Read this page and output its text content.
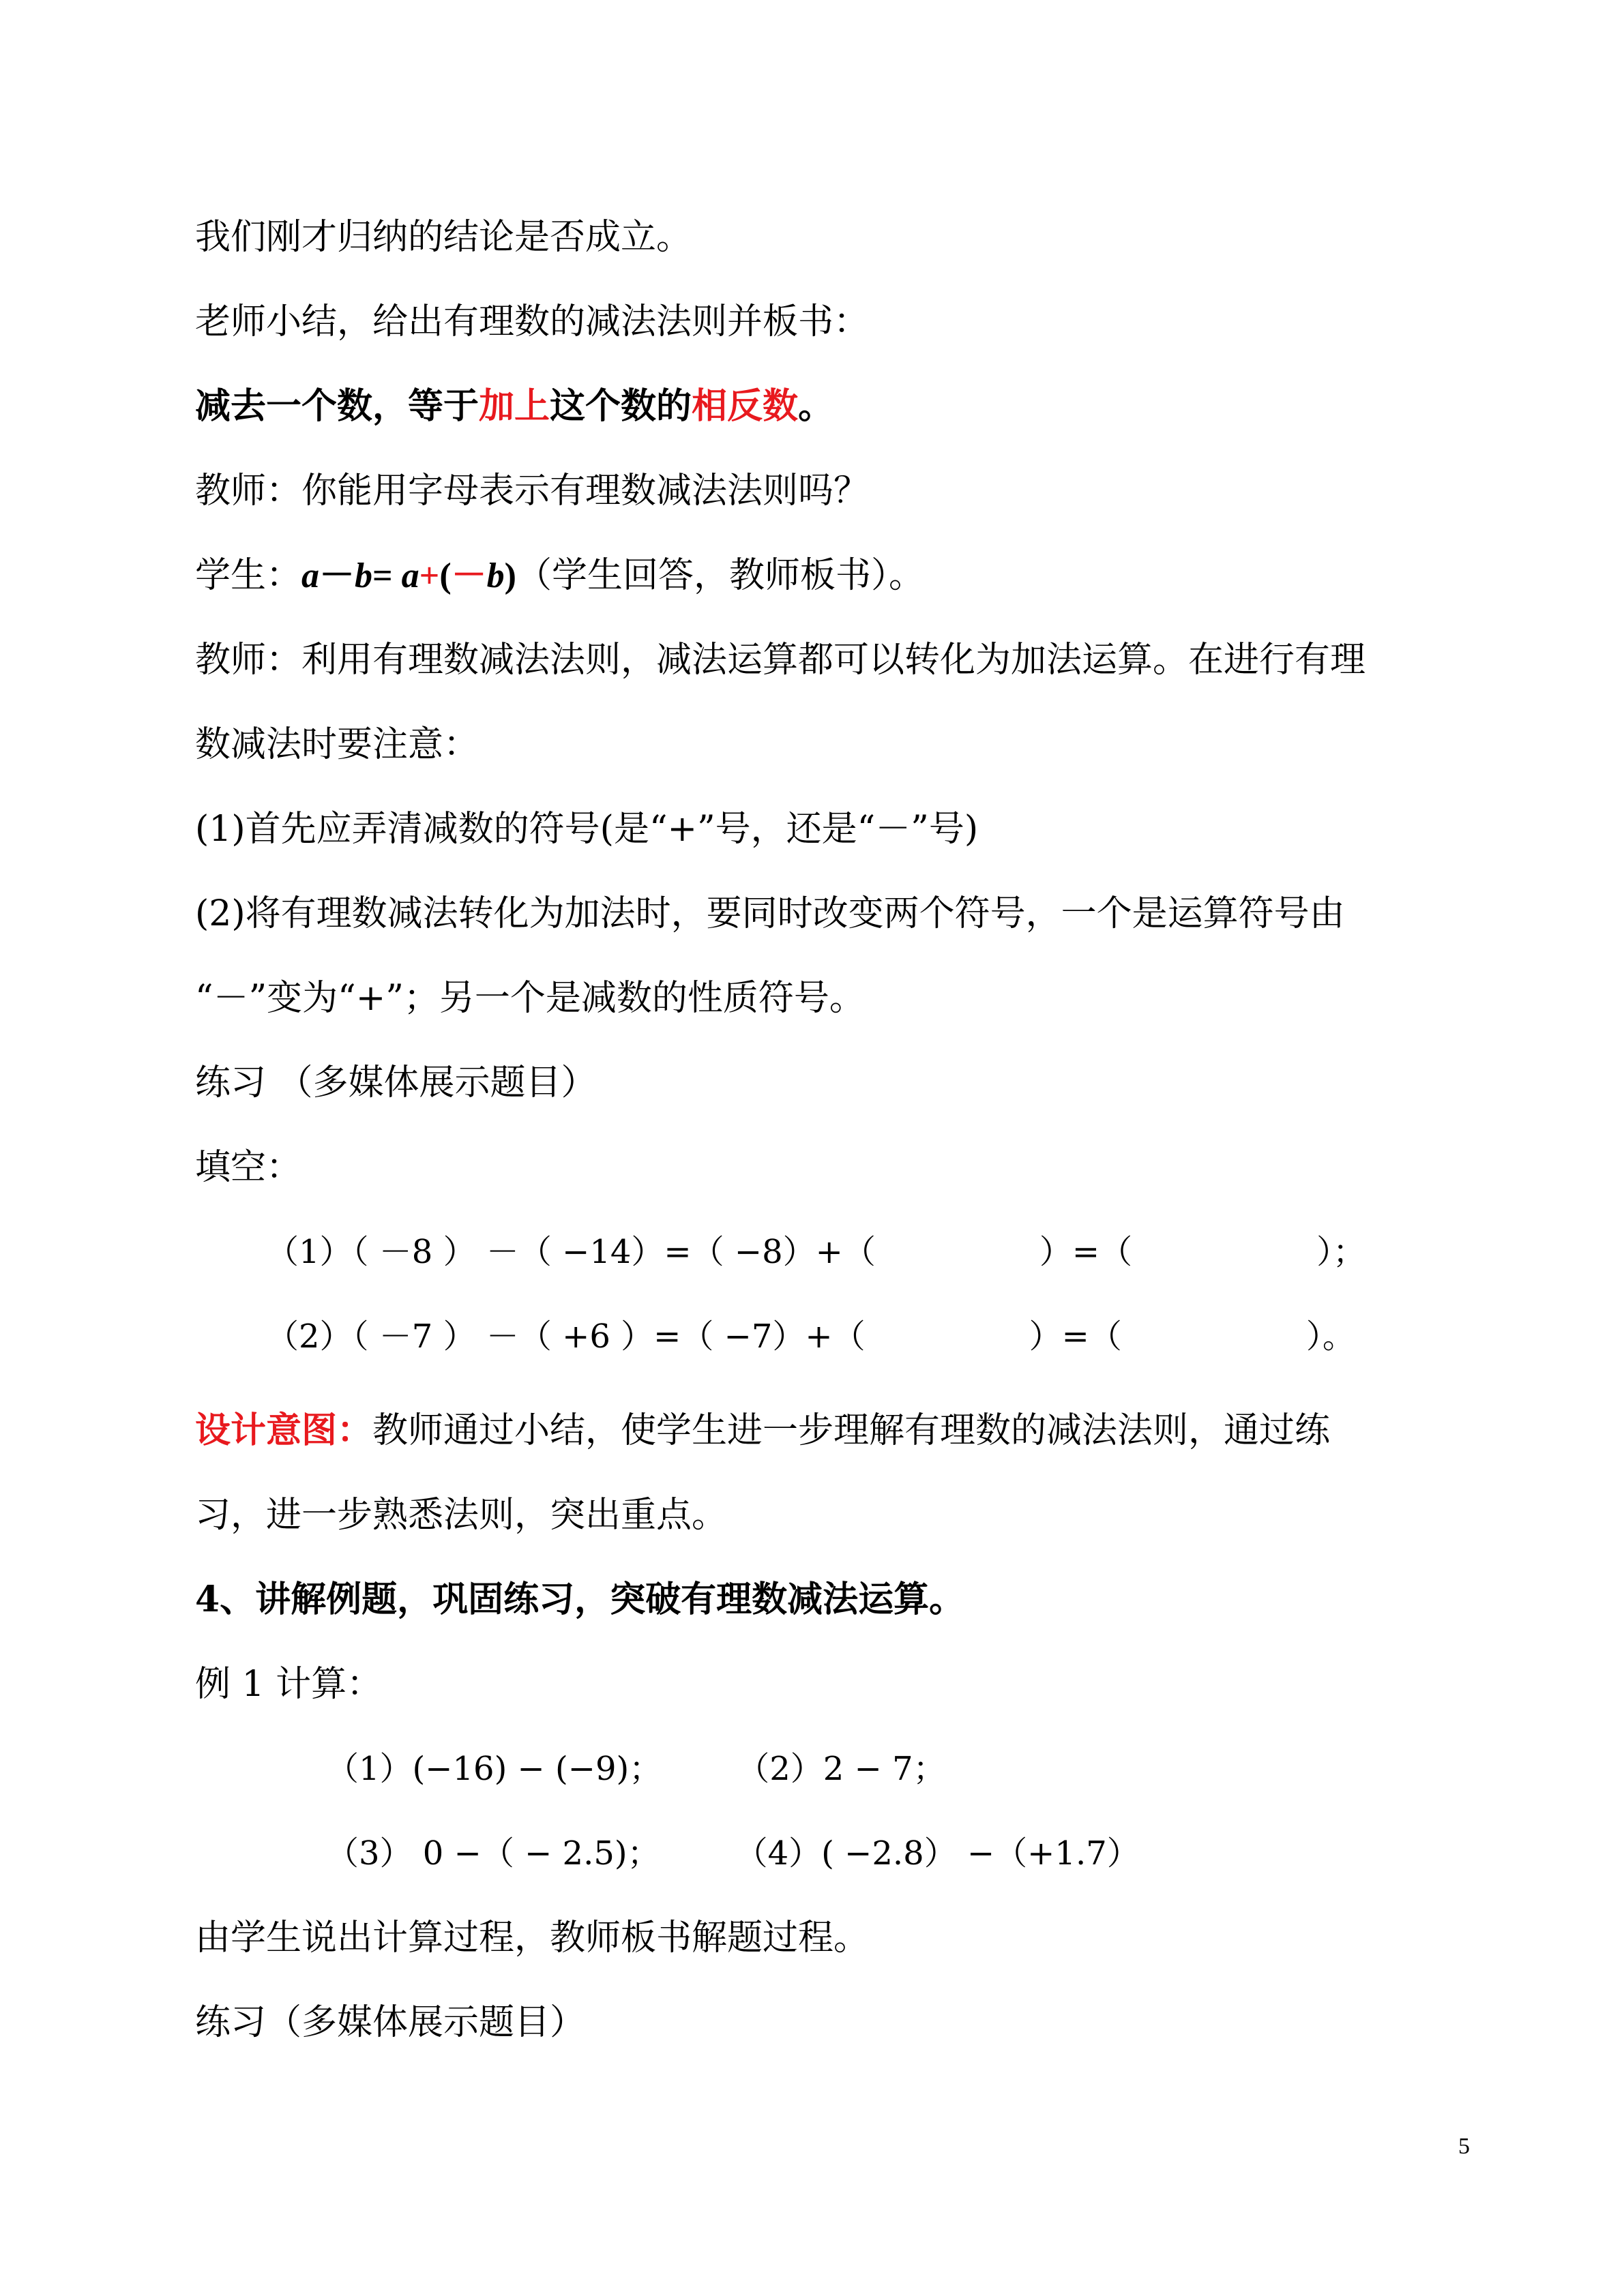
我们刚才归纳的结论是否成立。
老师小结，给出有理数的减法法则并板书：
减去一个数，等于加上这个数的相反数。
教师：你能用字母表示有理数减法法则吗？
学生：a－b= a+(－b)（学生回答，教师板书）。
教师：利用有理数减法法则，减法运算都可以转化为加法运算。在进行有理
数减法时要注意：
(1)首先应弄清减数的符号(是“+”号，还是“－”号)
(2)将有理数减法转化为加法时，要同时改变两个符号，一个是运算符号由
“－”变为“+”；另一个是减数的性质符号。
练习 （多媒体展示题目）
填空：
（1）（ －8 ） －（ −14）=（ −8）+（	）=（	）；
（2）（ －7 ） －（ +6 ）=（ −7）+（	）=（	）。
设计意图：教师通过小结，使学生进一步理解有理数的减法法则，通过练
习，进一步熟悉法则，突出重点。
4、讲解例题，巩固练习，突破有理数减法运算。
例 1 计算：
（1）(−16) − (−9)； （2）2 − 7；
（3） 0 −（ − 2.5)； （4）( −2.8） −（+1.7）
由学生说出计算过程，教师板书解题过程。
练习（多媒体展示题目）
5
